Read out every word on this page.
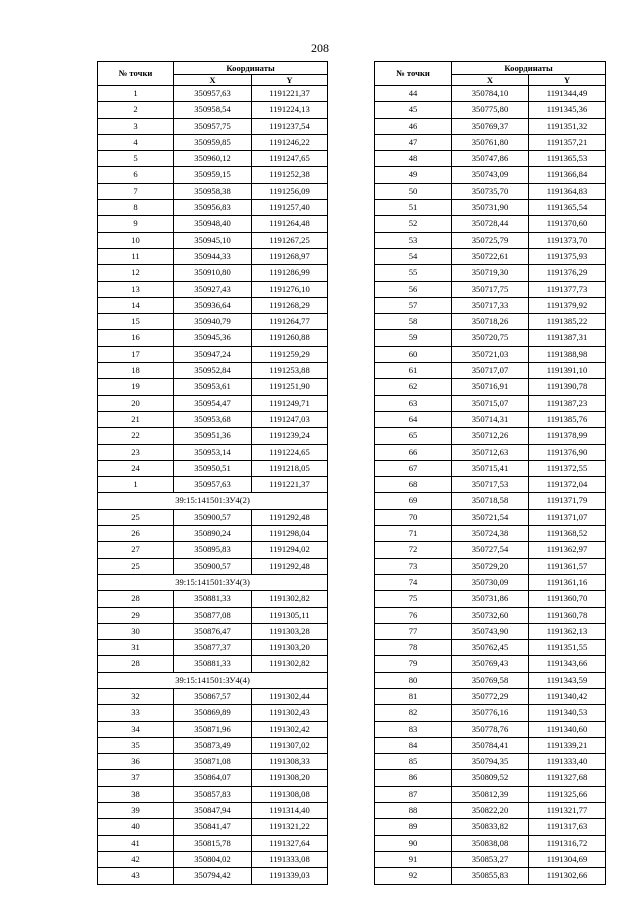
208
№ точки	Координаты	
	X	Y
1	350957,63	1191221,37
2	350958,54	1191224,13
3	350957,75	1191237,54
4	350959,85	1191246,22
5	350960,12	1191247,65
6	350959,15	1191252,38
7	350958,38	1191256,09
8	350956,83	1191257,40
9	350948,40	1191264,48
10	350945,10	1191267,25
11	350944,33	1191268,97
12	350910,80	1191286,99
13	350927,43	1191276,10
14	350936,64	1191268,29
15	350940,79	1191264,77
16	350945,36	1191260,88
17	350947,24	1191259,29
18	350952,84	1191253,88
19	350953,61	1191251,90
20	350954,47	1191249,71
21	350953,68	1191247,03
22	350951,36	1191239,24
23	350953,14	1191224,65
24	350950,51	1191218,05
1	350957,63	1191221,37
39:15:141501:ЗУ4(2)		
25	350900,57	1191292,48
26	350890,24	1191298,04
27	350895,83	1191294,02
25	350900,57	1191292,48
39:15:141501:ЗУ4(3)		
28	350881,33	1191302,82
29	350877,08	1191305,11
30	350876,47	1191303,28
31	350877,37	1191303,20
28	350881,33	1191302,82
39:15:141501:ЗУ4(4)		
32	350867,57	1191302,44
33	350869,89	1191302,43
34	350871,96	1191302,42
35	350873,49	1191307,02
36	350871,08	1191308,33
37	350864,07	1191308,20
38	350857,83	1191308,08
39	350847,94	1191314,40
40	350841,47	1191321,22
41	350815,78	1191327,64
42	350804,02	1191333,08
43	350794,42	1191339,03
№ точки	Координаты	
	X	Y
44	350784,10	1191344,49
45	350775,80	1191345,36
46	350769,37	1191351,32
47	350761,80	1191357,21
48	350747,86	1191365,53
49	350743,09	1191366,84
50	350735,70	1191364,83
51	350731,90	1191365,54
52	350728,44	1191370,60
53	350725,79	1191373,70
54	350722,61	1191375,93
55	350719,30	1191376,29
56	350717,75	1191377,73
57	350717,33	1191379,92
58	350718,26	1191385,22
59	350720,75	1191387,31
60	350721,03	1191388,98
61	350717,07	1191391,10
62	350716,91	1191390,78
63	350715,07	1191387,23
64	350714,31	1191385,76
65	350712,26	1191378,99
66	350712,63	1191376,90
67	350715,41	1191372,55
68	350717,53	1191372,04
69	350718,58	1191371,79
70	350721,54	1191371,07
71	350724,38	1191368,52
72	350727,54	1191362,97
73	350729,20	1191361,57
74	350730,09	1191361,16
75	350731,86	1191360,70
76	350732,60	1191360,78
77	350743,90	1191362,13
78	350762,45	1191351,55
79	350769,43	1191343,66
80	350769,58	1191343,59
81	350772,29	1191340,42
82	350776,16	1191340,53
83	350778,76	1191340,60
84	350784,41	1191339,21
85	350794,35	1191333,40
86	350809,52	1191327,68
87	350812,39	1191325,66
88	350822,20	1191321,77
89	350833,82	1191317,63
90	350838,08	1191316,72
91	350853,27	1191304,69
92	350855,83	1191302,66
